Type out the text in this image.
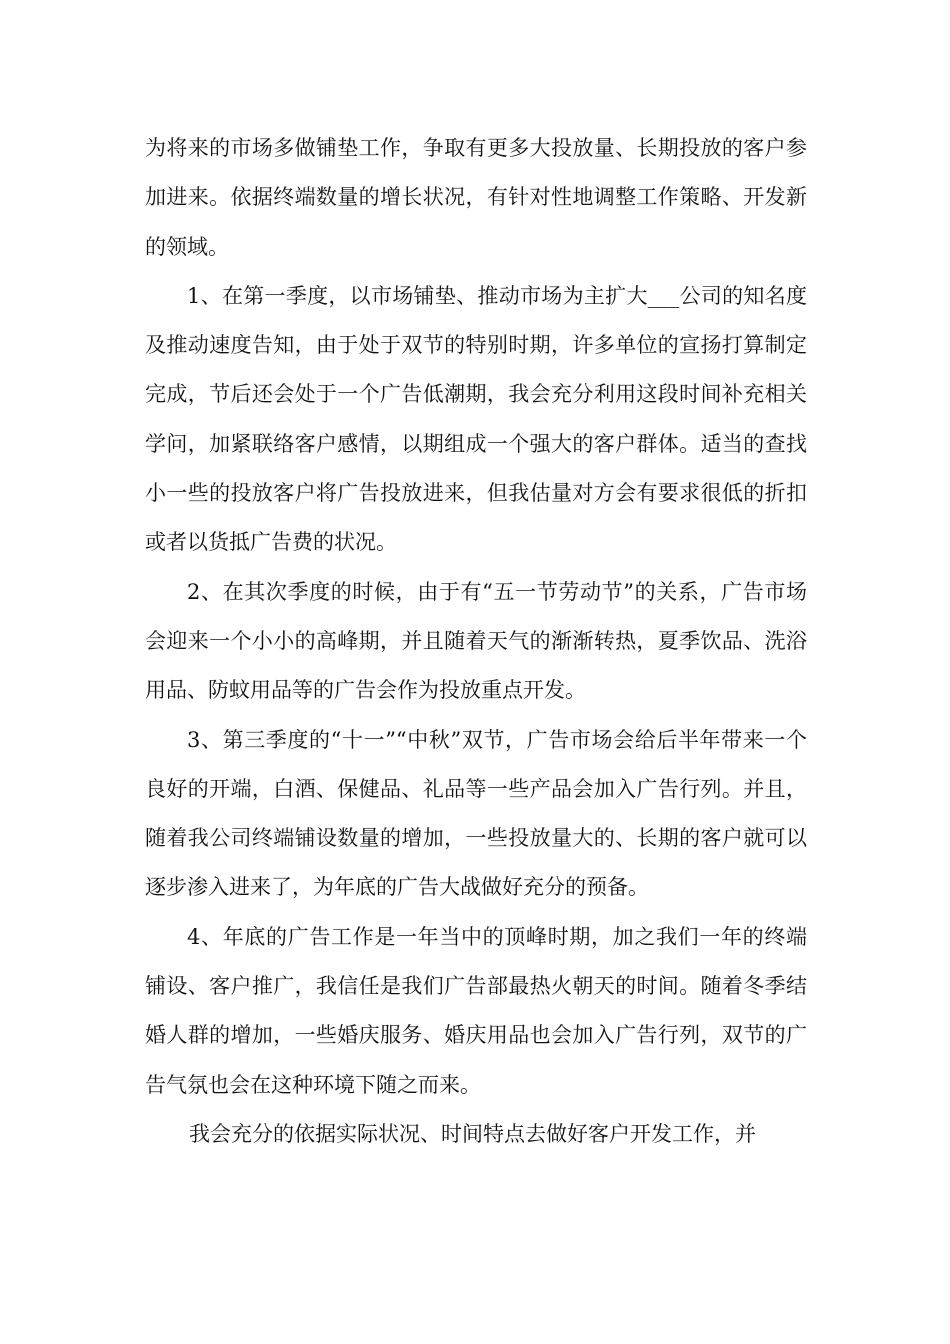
为将来的市场多做铺垫工作，争取有更多大投放量、长期投放的客户参加进来。依据终端数量的增长状况，有针对性地调整工作策略、开发新的领域。

1、在第一季度，以市场铺垫、推动市场为主扩大___公司的知名度及推动速度告知，由于处于双节的特别时期，许多单位的宣扬打算制定完成，节后还会处于一个广告低潮期，我会充分利用这段时间补充相关学问，加紧联络客户感情，以期组成一个强大的客户群体。适当的查找小一些的投放客户将广告投放进来，但我估量对方会有要求很低的折扣或者以货抵广告费的状况。

2、在其次季度的时候，由于有“五一节劳动节”的关系，广告市场会迎来一个小小的高峰期，并且随着天气的渐渐转热，夏季饮品、洗浴用品、防蚊用品等的广告会作为投放重点开发。

3、第三季度的“十一”“中秋”双节，广告市场会给后半年带来一个良好的开端，白酒、保健品、礼品等一些产品会加入广告行列。并且，随着我公司终端铺设数量的增加，一些投放量大的、长期的客户就可以逐步渗入进来了，为年底的广告大战做好充分的预备。

4、年底的广告工作是一年当中的顶峰时期，加之我们一年的终端铺设、客户推广，我信任是我们广告部最热火朝天的时间。随着冬季结婚人群的增加，一些婚庆服务、婚庆用品也会加入广告行列，双节的广告气氛也会在这种环境下随之而来。

我会充分的依据实际状况、时间特点去做好客户开发工作，并
